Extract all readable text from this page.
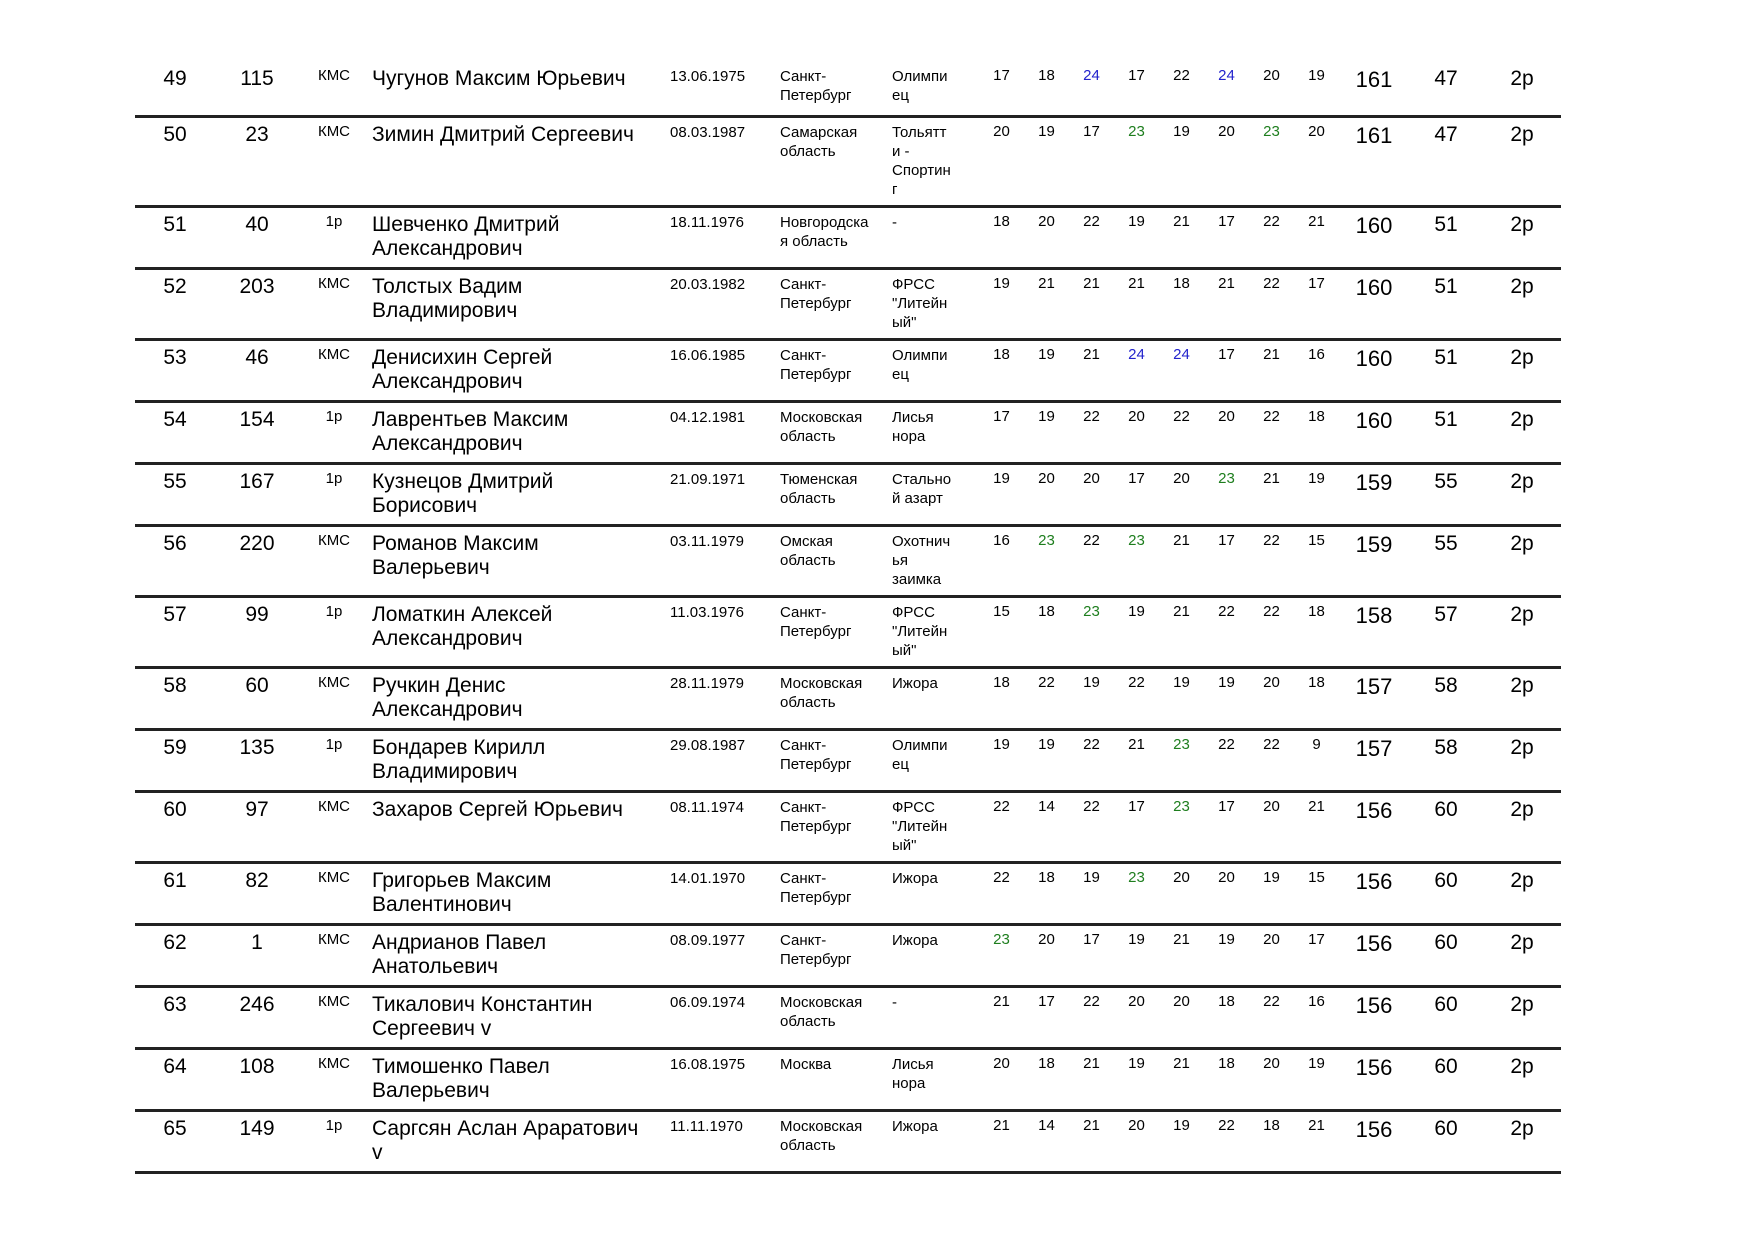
49	115	КМС	Чугунов Максим Юрьевич	13.06.1975	Санкт-Петербург	Олимпиец	17	18	24	17	22	24	20	19	161	47	2р
50	23	КМС	Зимин Дмитрий Сергеевич	08.03.1987	Самарская область	Тольятти - Спортинг	20	19	17	23	19	20	23	20	161	47	2р
51	40	1р	Шевченко Дмитрий Александрович	18.11.1976	Новгородская область	-	18	20	22	19	21	17	22	21	160	51	2р
52	203	КМС	Толстых Вадим Владимирович	20.03.1982	Санкт-Петербург	ФРСС "Литейный"	19	21	21	21	18	21	22	17	160	51	2р
53	46	КМС	Денисихин Сергей Александрович	16.06.1985	Санкт-Петербург	Олимпиец	18	19	21	24	24	17	21	16	160	51	2р
54	154	1р	Лаврентьев Максим Александрович	04.12.1981	Московская область	Лисья нора	17	19	22	20	22	20	22	18	160	51	2р
55	167	1р	Кузнецов Дмитрий Борисович	21.09.1971	Тюменская область	Стальной азарт	19	20	20	17	20	23	21	19	159	55	2р
56	220	КМС	Романов Максим Валерьевич	03.11.1979	Омская область	Охотничья заимка	16	23	22	23	21	17	22	15	159	55	2р
57	99	1р	Ломаткин Алексей Александрович	11.03.1976	Санкт-Петербург	ФРСС "Литейный"	15	18	23	19	21	22	22	18	158	57	2р
58	60	КМС	Ручкин Денис Александрович	28.11.1979	Московская область	Ижора	18	22	19	22	19	19	20	18	157	58	2р
59	135	1р	Бондарев Кирилл Владимирович	29.08.1987	Санкт-Петербург	Олимпиец	19	19	22	21	23	22	22	9	157	58	2р
60	97	КМС	Захаров Сергей Юрьевич	08.11.1974	Санкт-Петербург	ФРСС "Литейный"	22	14	22	17	23	17	20	21	156	60	2р
61	82	КМС	Григорьев Максим Валентинович	14.01.1970	Санкт-Петербург	Ижора	22	18	19	23	20	20	19	15	156	60	2р
62	1	КМС	Андрианов Павел Анатольевич	08.09.1977	Санкт-Петербург	Ижора	23	20	17	19	21	19	20	17	156	60	2р
63	246	КМС	Тикалович Константин Сергеевич v	06.09.1974	Московская область	-	21	17	22	20	20	18	22	16	156	60	2р
64	108	КМС	Тимошенко Павел Валерьевич	16.08.1975	Москва	Лисья нора	20	18	21	19	21	18	20	19	156	60	2р
65	149	1р	Саргсян Аслан Араратович v	11.11.1970	Московская область	Ижора	21	14	21	20	19	22	18	21	156	60	2р
